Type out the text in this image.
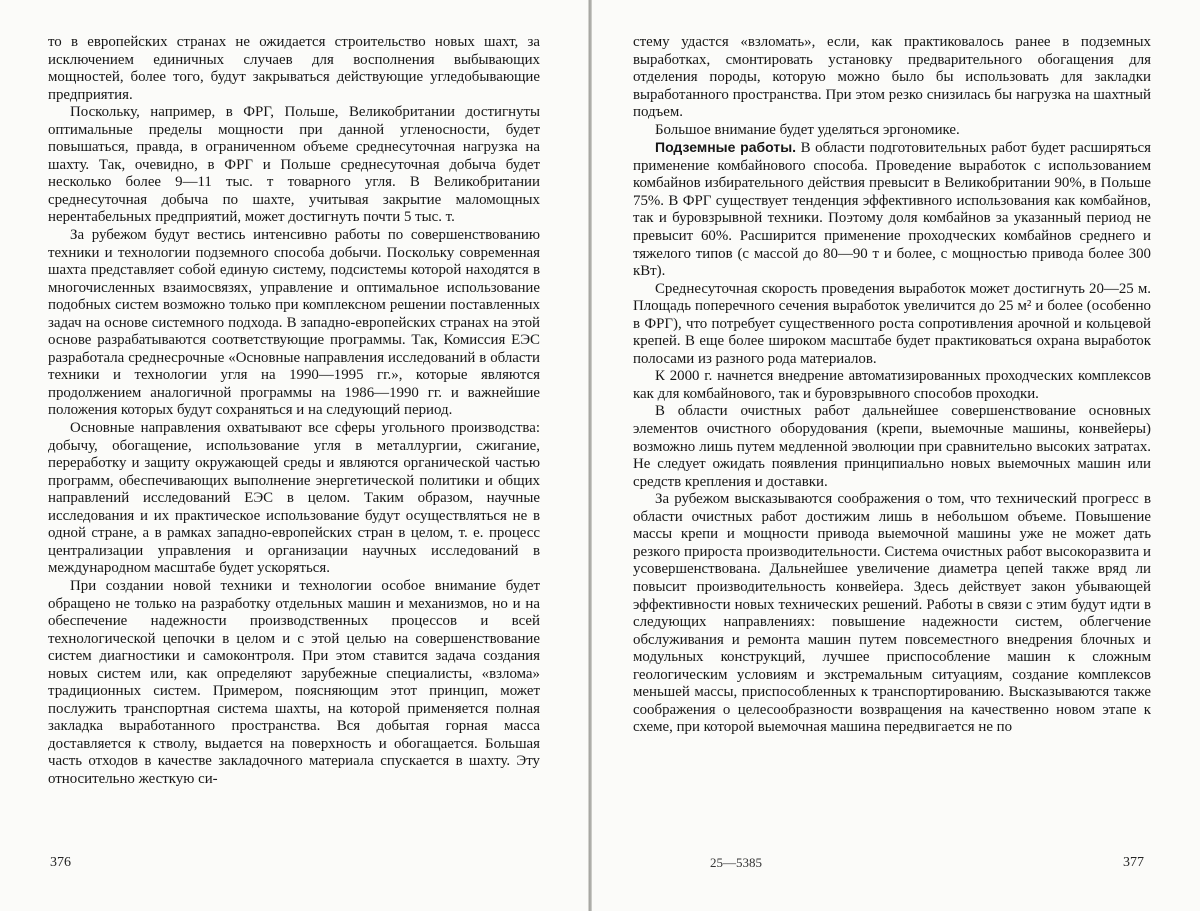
то в европейских странах не ожидается строительство новых шахт, за исключением единичных случаев для восполнения выбывающих мощностей, более того, будут закрываться действующие угледобывающие предприятия.

Поскольку, например, в ФРГ, Польше, Великобритании достигнуты оптимальные пределы мощности при данной угленосности, будет повышаться, правда, в ограниченном объеме среднесуточная нагрузка на шахту. Так, очевидно, в ФРГ и Польше среднесуточная добыча будет несколько более 9—11 тыс. т товарного угля. В Великобритании среднесуточная добыча по шахте, учитывая закрытие маломощных нерентабельных предприятий, может достигнуть почти 5 тыс. т.

За рубежом будут вестись интенсивно работы по совершенствованию техники и технологии подземного способа добычи. Поскольку современная шахта представляет собой единую систему, подсистемы которой находятся в многочисленных взаимосвязях, управление и оптимальное использование подобных систем возможно только при комплексном решении поставленных задач на основе системного подхода. В западно-европейских странах на этой основе разрабатываются соответствующие программы. Так, Комиссия ЕЭС разработала среднесрочные «Основные направления исследований в области техники и технологии угля на 1990—1995 гг.», которые являются продолжением аналогичной программы на 1986—1990 гг. и важнейшие положения которых будут сохраняться и на следующий период.

Основные направления охватывают все сферы угольного производства: добычу, обогащение, использование угля в металлургии, сжигание, переработку и защиту окружающей среды и являются органической частью программ, обеспечивающих выполнение энергетической политики и общих направлений исследований ЕЭС в целом. Таким образом, научные исследования и их практическое использование будут осуществляться не в одной стране, а в рамках западно-европейских стран в целом, т. е. процесс централизации управления и организации научных исследований в международном масштабе будет ускоряться.

При создании новой техники и технологии особое внимание будет обращено не только на разработку отдельных машин и механизмов, но и на обеспечение надежности производственных процессов и всей технологической цепочки в целом и с этой целью на совершенствование систем диагностики и самоконтроля. При этом ставится задача создания новых систем или, как определяют зарубежные специалисты, «взлома» традиционных систем. Примером, поясняющим этот принцип, может послужить транспортная система шахты, на которой применяется полная закладка выработанного пространства. Вся добытая горная масса доставляется к стволу, выдается на поверхность и обогащается. Большая часть отходов в качестве закладочного материала спускается в шахту. Эту относительно жесткую си-

376

стему удастся «взломать», если, как практиковалось ранее в подземных выработках, смонтировать установку предварительного обогащения для отделения породы, которую можно было бы использовать для закладки выработанного пространства. При этом резко снизилась бы нагрузка на шахтный подъем.

Большое внимание будет уделяться эргономике.

Подземные работы. В области подготовительных работ будет расширяться применение комбайнового способа. Проведение выработок с использованием комбайнов избирательного действия превысит в Великобритании 90%, в Польше 75%. В ФРГ существует тенденция эффективного использования как комбайнов, так и буровзрывной техники. Поэтому доля комбайнов за указанный период не превысит 60%. Расширится применение проходческих комбайнов среднего и тяжелого типов (с массой до 80—90 т и более, с мощностью привода более 300 кВт).

Среднесуточная скорость проведения выработок может достигнуть 20—25 м. Площадь поперечного сечения выработок увеличится до 25 м² и более (особенно в ФРГ), что потребует существенного роста сопротивления арочной и кольцевой крепей. В еще более широком масштабе будет практиковаться охрана выработок полосами из разного рода материалов.

К 2000 г. начнется внедрение автоматизированных проходческих комплексов как для комбайнового, так и буровзрывного способов проходки.

В области очистных работ дальнейшее совершенствование основных элементов очистного оборудования (крепи, выемочные машины, конвейеры) возможно лишь путем медленной эволюции при сравнительно высоких затратах. Не следует ожидать появления принципиально новых выемочных машин или средств крепления и доставки.

За рубежом высказываются соображения о том, что технический прогресс в области очистных работ достижим лишь в небольшом объеме. Повышение массы крепи и мощности привода выемочной машины уже не может дать резкого прироста производительности. Система очистных работ высокоразвита и усовершенствована. Дальнейшее увеличение диаметра цепей также вряд ли повысит производительность конвейера. Здесь действует закон убывающей эффективности новых технических решений. Работы в связи с этим будут идти в следующих направлениях: повышение надежности систем, облегчение обслуживания и ремонта машин путем повсеместного внедрения блочных и модульных конструкций, лучшее приспособление машин к сложным геологическим условиям и экстремальным ситуациям, создание комплексов меньшей массы, приспособленных к транспортированию. Высказываются также соображения о целесообразности возвращения на качественно новом этапе к схеме, при которой выемочная машина передвигается не по

25—5385	377
